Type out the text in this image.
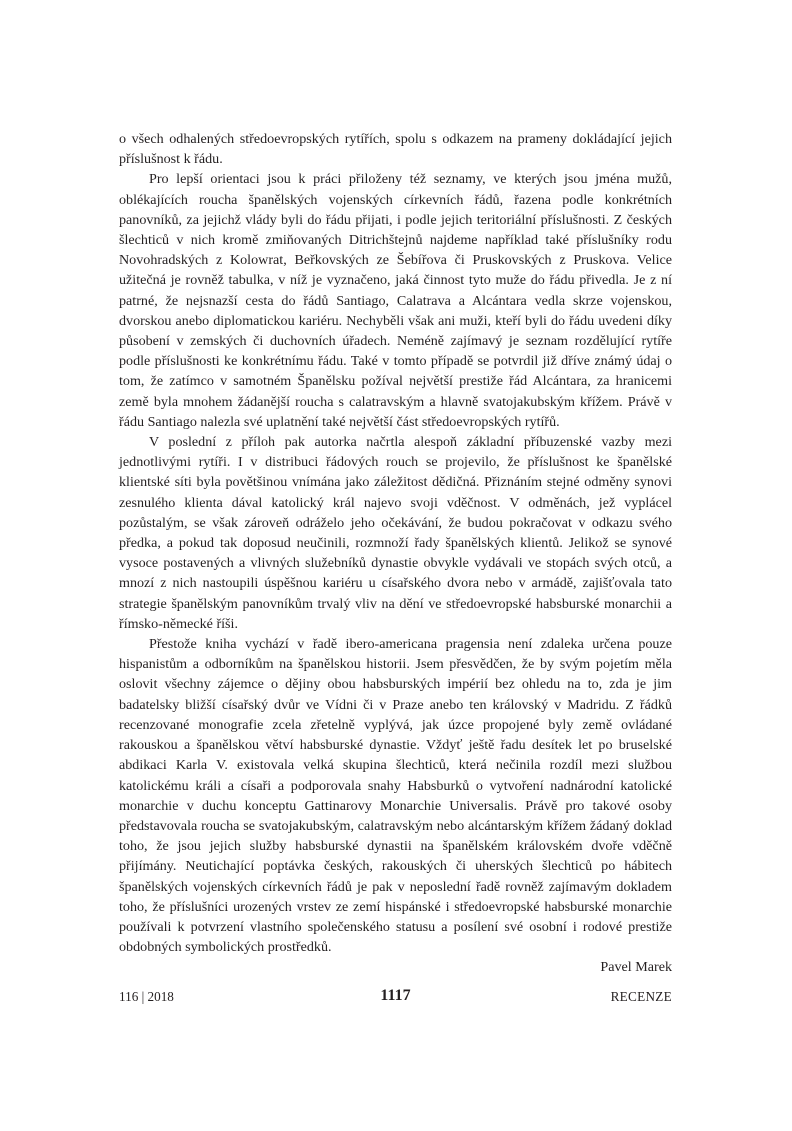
o všech odhalených středoevropských rytířích, spolu s odkazem na prameny dokládající jejich příslušnost k řádu.

Pro lepší orientaci jsou k práci přiloženy též seznamy, ve kterých jsou jména mužů, oblékajících roucha španělských vojenských církevních řádů, řazena podle konkrétních panovníků, za jejichž vlády byli do řádu přijati, i podle jejich teritoriální příslušnosti. Z českých šlechticů v nich kromě zmiňovaných Ditrichštejnů najdeme například také příslušníky rodu Novohradských z Kolowrat, Beřkovských ze Šebířova či Pruskovských z Pruskova. Velice užitečná je rovněž tabulka, v níž je vyznačeno, jaká činnost tyto muže do řádu přivedla. Je z ní patrné, že nejsnazší cesta do řádů Santiago, Calatrava a Alcántara vedla skrze vojenskou, dvorskou anebo diplomatickou kariéru. Nechyběli však ani muži, kteří byli do řádu uvedeni díky působení v zemských či duchovních úřadech. Neméně zajímavý je seznam rozdělující rytíře podle příslušnosti ke konkrétnímu řádu. Také v tomto případě se potvrdil již dříve známý údaj o tom, že zatímco v samotném Španělsku požíval největší prestiže řád Alcántara, za hranicemi země byla mnohem žádanější roucha s calatravským a hlavně svatojakubským křížem. Právě v řádu Santiago nalezla své uplatnění také největší část středoevropských rytířů.

V poslední z příloh pak autorka načrtla alespoň základní příbuzenské vazby mezi jednotlivými rytíři. I v distribuci řádových rouch se projevilo, že příslušnost ke španělské klientské síti byla povětšinou vnímána jako záležitost dědičná. Přiznáním stejné odměny synovi zesnulého klienta dával katolický král najevo svoji vděčnost. V odměnách, jež vyplácel pozůstalým, se však zároveň odráželo jeho očekávání, že budou pokračovat v odkazu svého předka, a pokud tak doposud neučinili, rozmnoží řady španělských klientů. Jelikož se synové vysoce postavených a vlivných služebníků dynastie obvykle vydávali ve stopách svých otců, a mnozí z nich nastoupili úspěšnou kariéru u císařského dvora nebo v armádě, zajišťovala tato strategie španělským panovníkům trvalý vliv na dění ve středoevropské habsburské monarchii a římsko-německé říši.

Přestože kniha vychází v řadě ibero-americana pragensia není zdaleka určena pouze hispanistům a odborníkům na španělskou historii. Jsem přesvědčen, že by svým pojetím měla oslovit všechny zájemce o dějiny obou habsburských impérií bez ohledu na to, zda je jim badatelsky bližší císařský dvůr ve Vídni či v Praze anebo ten královský v Madridu. Z řádků recenzované monografie zcela zřetelně vyplývá, jak úzce propojené byly země ovládané rakouskou a španělskou větví habsburské dynastie. Vždyť ještě řadu desítek let po bruselské abdikaci Karla V. existovala velká skupina šlechticů, která nečinila rozdíl mezi službou katolickému králi a císaři a podporovala snahy Habsburků o vytvoření nadnárodní katolické monarchie v duchu konceptu Gattinarovy Monarchie Universalis. Právě pro takové osoby představovala roucha se svatojakubským, calatravským nebo alcántarským křížem žádaný doklad toho, že jsou jejich služby habsburské dynastii na španělském královském dvoře vděčně přijímány. Neutichající poptávka českých, rakouských či uherských šlechticů po hábitech španělských vojenských církevních řádů je pak v neposlední řadě rovněž zajímavým dokladem toho, že příslušníci urozených vrstev ze zemí hispánské i středoevropské habsburské monarchie používali k potvrzení vlastního společenského statusu a posílení své osobní i rodové prestiže obdobných symbolických prostředků.

Pavel Marek

116 | 2018	1117	RECENZE
